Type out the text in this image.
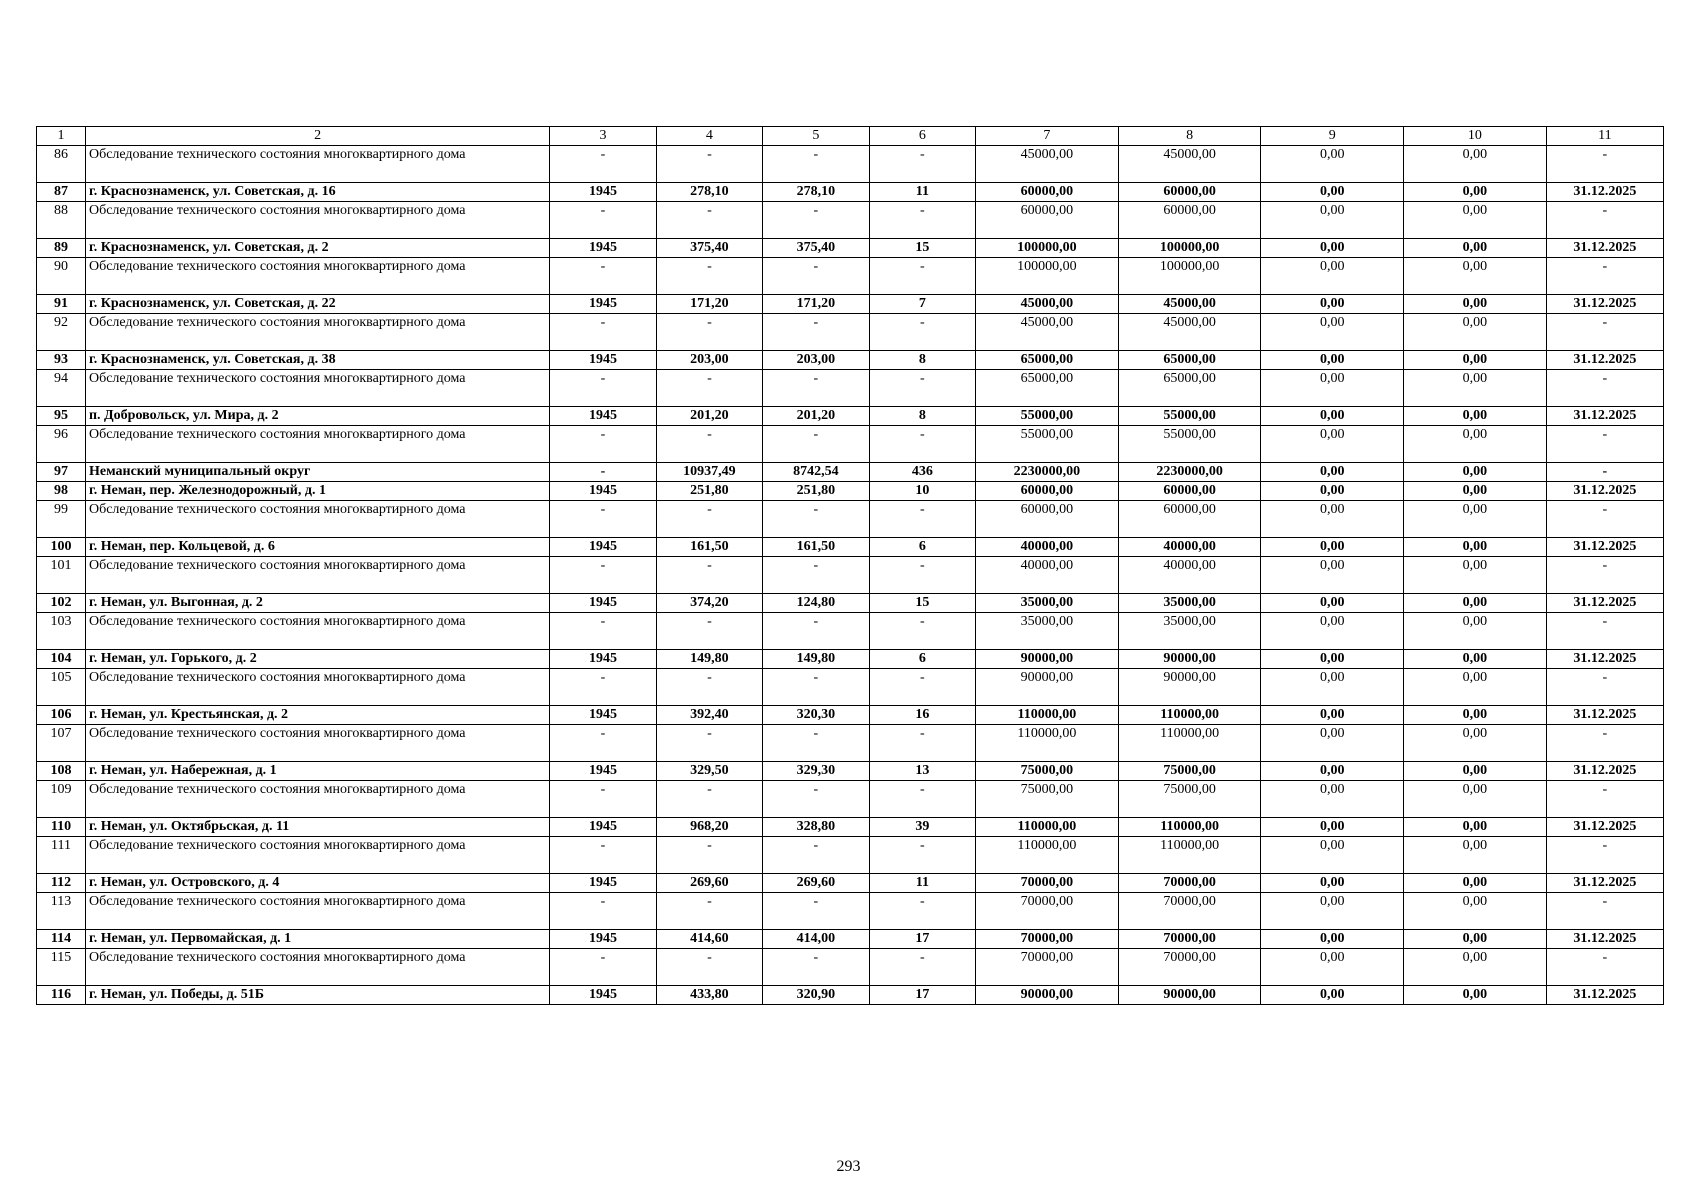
1	2	3	4	5	6	7	8	9	10	11
86	Обследование технического состояния многоквартирного дома	-	-	-	-	45000,00	45000,00	0,00	0,00	-
87	г. Краснознаменск, ул. Советская, д. 16	1945	278,10	278,10	11	60000,00	60000,00	0,00	0,00	31.12.2025
88	Обследование технического состояния многоквартирного дома	-	-	-	-	60000,00	60000,00	0,00	0,00	-
89	г. Краснознаменск, ул. Советская, д. 2	1945	375,40	375,40	15	100000,00	100000,00	0,00	0,00	31.12.2025
90	Обследование технического состояния многоквартирного дома	-	-	-	-	100000,00	100000,00	0,00	0,00	-
91	г. Краснознаменск, ул. Советская, д. 22	1945	171,20	171,20	7	45000,00	45000,00	0,00	0,00	31.12.2025
92	Обследование технического состояния многоквартирного дома	-	-	-	-	45000,00	45000,00	0,00	0,00	-
93	г. Краснознаменск, ул. Советская, д. 38	1945	203,00	203,00	8	65000,00	65000,00	0,00	0,00	31.12.2025
94	Обследование технического состояния многоквартирного дома	-	-	-	-	65000,00	65000,00	0,00	0,00	-
95	п. Добровольск, ул. Мира, д. 2	1945	201,20	201,20	8	55000,00	55000,00	0,00	0,00	31.12.2025
96	Обследование технического состояния многоквартирного дома	-	-	-	-	55000,00	55000,00	0,00	0,00	-
97	Неманский муниципальный округ	-	10937,49	8742,54	436	2230000,00	2230000,00	0,00	0,00	-
98	г. Неман, пер. Железнодорожный, д. 1	1945	251,80	251,80	10	60000,00	60000,00	0,00	0,00	31.12.2025
99	Обследование технического состояния многоквартирного дома	-	-	-	-	60000,00	60000,00	0,00	0,00	-
100	г. Неман, пер. Кольцевой, д. 6	1945	161,50	161,50	6	40000,00	40000,00	0,00	0,00	31.12.2025
101	Обследование технического состояния многоквартирного дома	-	-	-	-	40000,00	40000,00	0,00	0,00	-
102	г. Неман, ул. Выгонная, д. 2	1945	374,20	124,80	15	35000,00	35000,00	0,00	0,00	31.12.2025
103	Обследование технического состояния многоквартирного дома	-	-	-	-	35000,00	35000,00	0,00	0,00	-
104	г. Неман, ул. Горького, д. 2	1945	149,80	149,80	6	90000,00	90000,00	0,00	0,00	31.12.2025
105	Обследование технического состояния многоквартирного дома	-	-	-	-	90000,00	90000,00	0,00	0,00	-
106	г. Неман, ул. Крестьянская, д. 2	1945	392,40	320,30	16	110000,00	110000,00	0,00	0,00	31.12.2025
107	Обследование технического состояния многоквартирного дома	-	-	-	-	110000,00	110000,00	0,00	0,00	-
108	г. Неман, ул. Набережная, д. 1	1945	329,50	329,30	13	75000,00	75000,00	0,00	0,00	31.12.2025
109	Обследование технического состояния многоквартирного дома	-	-	-	-	75000,00	75000,00	0,00	0,00	-
110	г. Неман, ул. Октябрьская, д. 11	1945	968,20	328,80	39	110000,00	110000,00	0,00	0,00	31.12.2025
111	Обследование технического состояния многоквартирного дома	-	-	-	-	110000,00	110000,00	0,00	0,00	-
112	г. Неман, ул. Островского, д. 4	1945	269,60	269,60	11	70000,00	70000,00	0,00	0,00	31.12.2025
113	Обследование технического состояния многоквартирного дома	-	-	-	-	70000,00	70000,00	0,00	0,00	-
114	г. Неман, ул. Первомайская, д. 1	1945	414,60	414,00	17	70000,00	70000,00	0,00	0,00	31.12.2025
115	Обследование технического состояния многоквартирного дома	-	-	-	-	70000,00	70000,00	0,00	0,00	-
116	г. Неман, ул. Победы, д. 51Б	1945	433,80	320,90	17	90000,00	90000,00	0,00	0,00	31.12.2025
293
